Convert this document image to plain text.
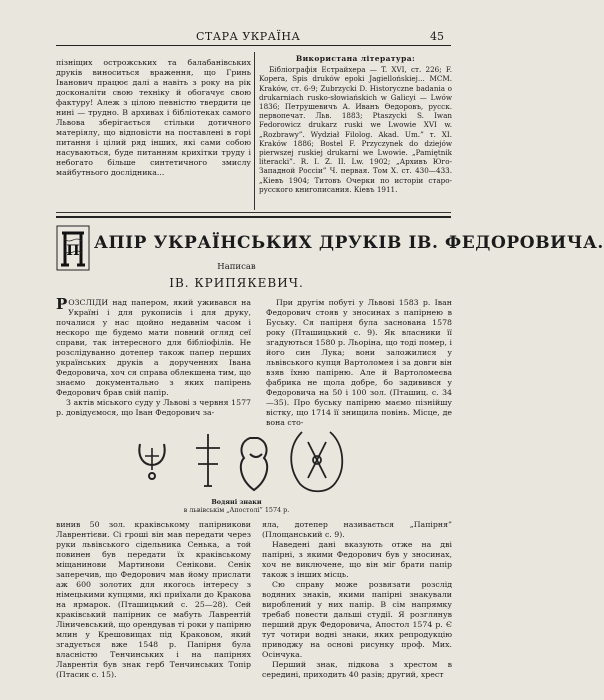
СТАРА УКРАЇНА	45

пізніщих острожських та балабанівських друків виноситься враження, що Гринь Іванович працює далі а навіть з року на рік досконаліти свою техніку й обогачує свою фактуру! Алеж з цілою певністю твердити це нині — трудно. В архивах і бібліотеках самого Львова зберігається стільки дотичного матеріялу, що відповісти на поставлені в горі питання і цілий ряд інших, які сами собою насуваються, буде питанням крихітки труду і небогато більше синтетичного змислу майбутнього дослідника...

Використана література:

Бібліографія Естрайхера — T. XVI, ст. 226; F. Kopera, Spis druków epoki Jagiellońskiej... MCM. Kraków, ст. 6-9; Zubrzycki D. Historyczne badania o drukarniach rusko-słowiańskich w Galicyi — Lwów 1836; Петрушевичъ А. Иванъ Өедоровъ, русск. первопечат. Льв. 1883; Ptaszycki S. Iwan Fedorowicz drukarz ruski we Lwowie XVI w. „Rozbrawy”. Wydział Filolog. Akad. Um.” т. XI. Kraków 1886; Bostel F. Przyczynek do dziejów pierwszej ruskiej drukarni we Lwowie. „Pamiętnik literacki”. R. I. Z. II. Lw. 1902; „Архивъ Юго-Западной Россіи” Ч. первая. Том X. ст. 430—433. „Кіевъ 1904; Титовъ Очерки по исторіи старо-русского книгописания. Кіевъ 1911.

П АПІР УКРАЇНСЬКИХ ДРУКІВ ІВ. ФЕДОРОВИЧА.
Написав
ІВ. КРИПЯКЕВИЧ.

РОЗСЛІДИ над папером, який уживався на Україні і для рукописів і для друку, почалися у нас щойно недавнім часом і нескоро ще будемо мати повний огляд сеї справи, так інтересного для бібліофілів. Не розслідуванно дотепер також папер перших українських друків а дорученнях Івана Федоровича, хоч ся справа облекшена тим, що знаємо документально з яких папірень Федорович брав свій папір.

З актів міського суду у Львові з червня 1577 р. довідуємося, що Іван Федорович за-

При другім побуті у Львові 1583 р. Іван Федорович стояв у зносинах з папірнею в Буську. Ся папірня була заснована 1578 року (Пташицький с. 9). Як власники її згадуються 1580 р. Льоріна, що тоді помер, і його син Лука; вони заложилися у львівського купця Вартоломея і за довги він взяв їхню папірню. Але й Вартоломеєва фабрика не щола добре, бо задивився у Федоровича на 50 і 100 зол. (Пташиц. с. 34—35). Про буську папірню маємо пізнійшу вістку, що 1714 її знищила повінь. Місце, де вона сто-

Водяні знаки
в львівськім „Апостолі” 1574 р.

винив 50 зол. краківському папірникови Лаврентієви. Сі гроші він мав передати через руки львівського сідельника Сенька, а той повинен був передати їх краківському міщанинови Мартинови Сенікови. Сенік заперечив, що Федорович мав йому прислати аж 600 золотих для якогось інтересу з німецькими купцями, які приїхали до Кракова на ярмарок. (Пташицький с. 25—28). Сей краківський папірник се мабуть Лаврентій Ліничевський, що орендував ті роки у папірню млин у Крешовищах під Краковом, який згадується вже 1548 р. Папірня була власністю Тенчинських і на папірнях Лаврентія був знак герб Тенчинських Топір (Птасик с. 15).

яла, дотепер називається „Папірня” (Площанський с. 9).

Наведені дані вказують отже на дві папірні, з якими Федорович був у зносинах, хоч не виключене, що він міг брати папір також з інших місць.

Сю справу може розвязати розслід водяних знаків, якими папірні знакували вироблений у них папір. В сім напрямку требаб повести дальші студії. Я розглянув перший друк Федоровича, Апостол 1574 р. Є тут чотири водні знаки, яких репродукцію приводжу на основі рисунку проф. Мих. Осінчука.

Перший знак, підкова з хрестом в середині, приходить 40 разів; другий, хрест
